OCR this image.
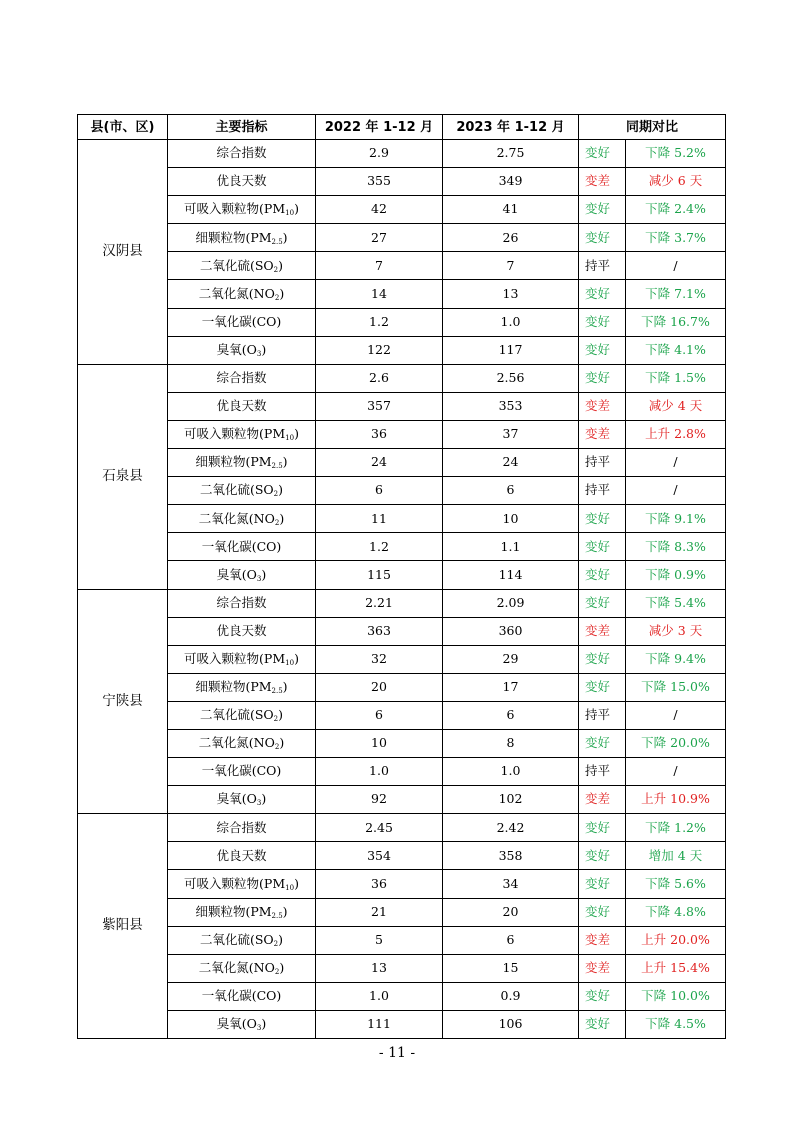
县(市、区)	主要指标	2022 年 1-12 月	2023 年 1-12 月	同期对比	
汉阴县	综合指数	2.9	2.75	变好	下降 5.2%
	优良天数	355	349	变差	减少 6 天
	可吸入颗粒物$(PM_{10})$	42	41	变好	下降 2.4%
	细颗粒物$(PM_{2.5})$	27	26	变好	下降 3.7%
	二氧化硫$(SO_2)$	7	7	持平	/
	二氧化氮$(NO_2)$	14	13	变好	下降 7.1%
	一氧化碳(CO)	1.2	1.0	变好	下降 16.7%
	臭氧$(O_3)$	122	117	变好	下降 4.1%
石泉县	综合指数	2.6	2.56	变好	下降 1.5%
	优良天数	357	353	变差	减少 4 天
	可吸入颗粒物$(PM_{10})$	36	37	变差	上升 2.8%
	细颗粒物$(PM_{2.5})$	24	24	持平	/
	二氧化硫$(SO_2)$	6	6	持平	/
	二氧化氮$(NO_2)$	11	10	变好	下降 9.1%
	一氧化碳(CO)	1.2	1.1	变好	下降 8.3%
	臭氧$(O_3)$	115	114	变好	下降 0.9%
宁陕县	综合指数	2.21	2.09	变好	下降 5.4%
	优良天数	363	360	变差	减少 3 天
	可吸入颗粒物$(PM_{10})$	32	29	变好	下降 9.4%
	细颗粒物$(PM_{2.5})$	20	17	变好	下降 15.0%
	二氧化硫$(SO_2)$	6	6	持平	/
	二氧化氮$(NO_2)$	10	8	变好	下降 20.0%
	一氧化碳(CO)	1.0	1.0	持平	/
	臭氧$(O_3)$	92	102	变差	上升 10.9%
紫阳县	综合指数	2.45	2.42	变好	下降 1.2%
	优良天数	354	358	变好	增加 4 天
	可吸入颗粒物$(PM_{10})$	36	34	变好	下降 5.6%
	细颗粒物$(PM_{2.5})$	21	20	变好	下降 4.8%
	二氧化硫$(SO_2)$	5	6	变差	上升 20.0%
	二氧化氮$(NO_2)$	13	15	变差	上升 15.4%
	一氧化碳(CO)	1.0	0.9	变好	下降 10.0%
	臭氧$(O_3)$	111	106	变好	下降 4.5%
- 11 -
